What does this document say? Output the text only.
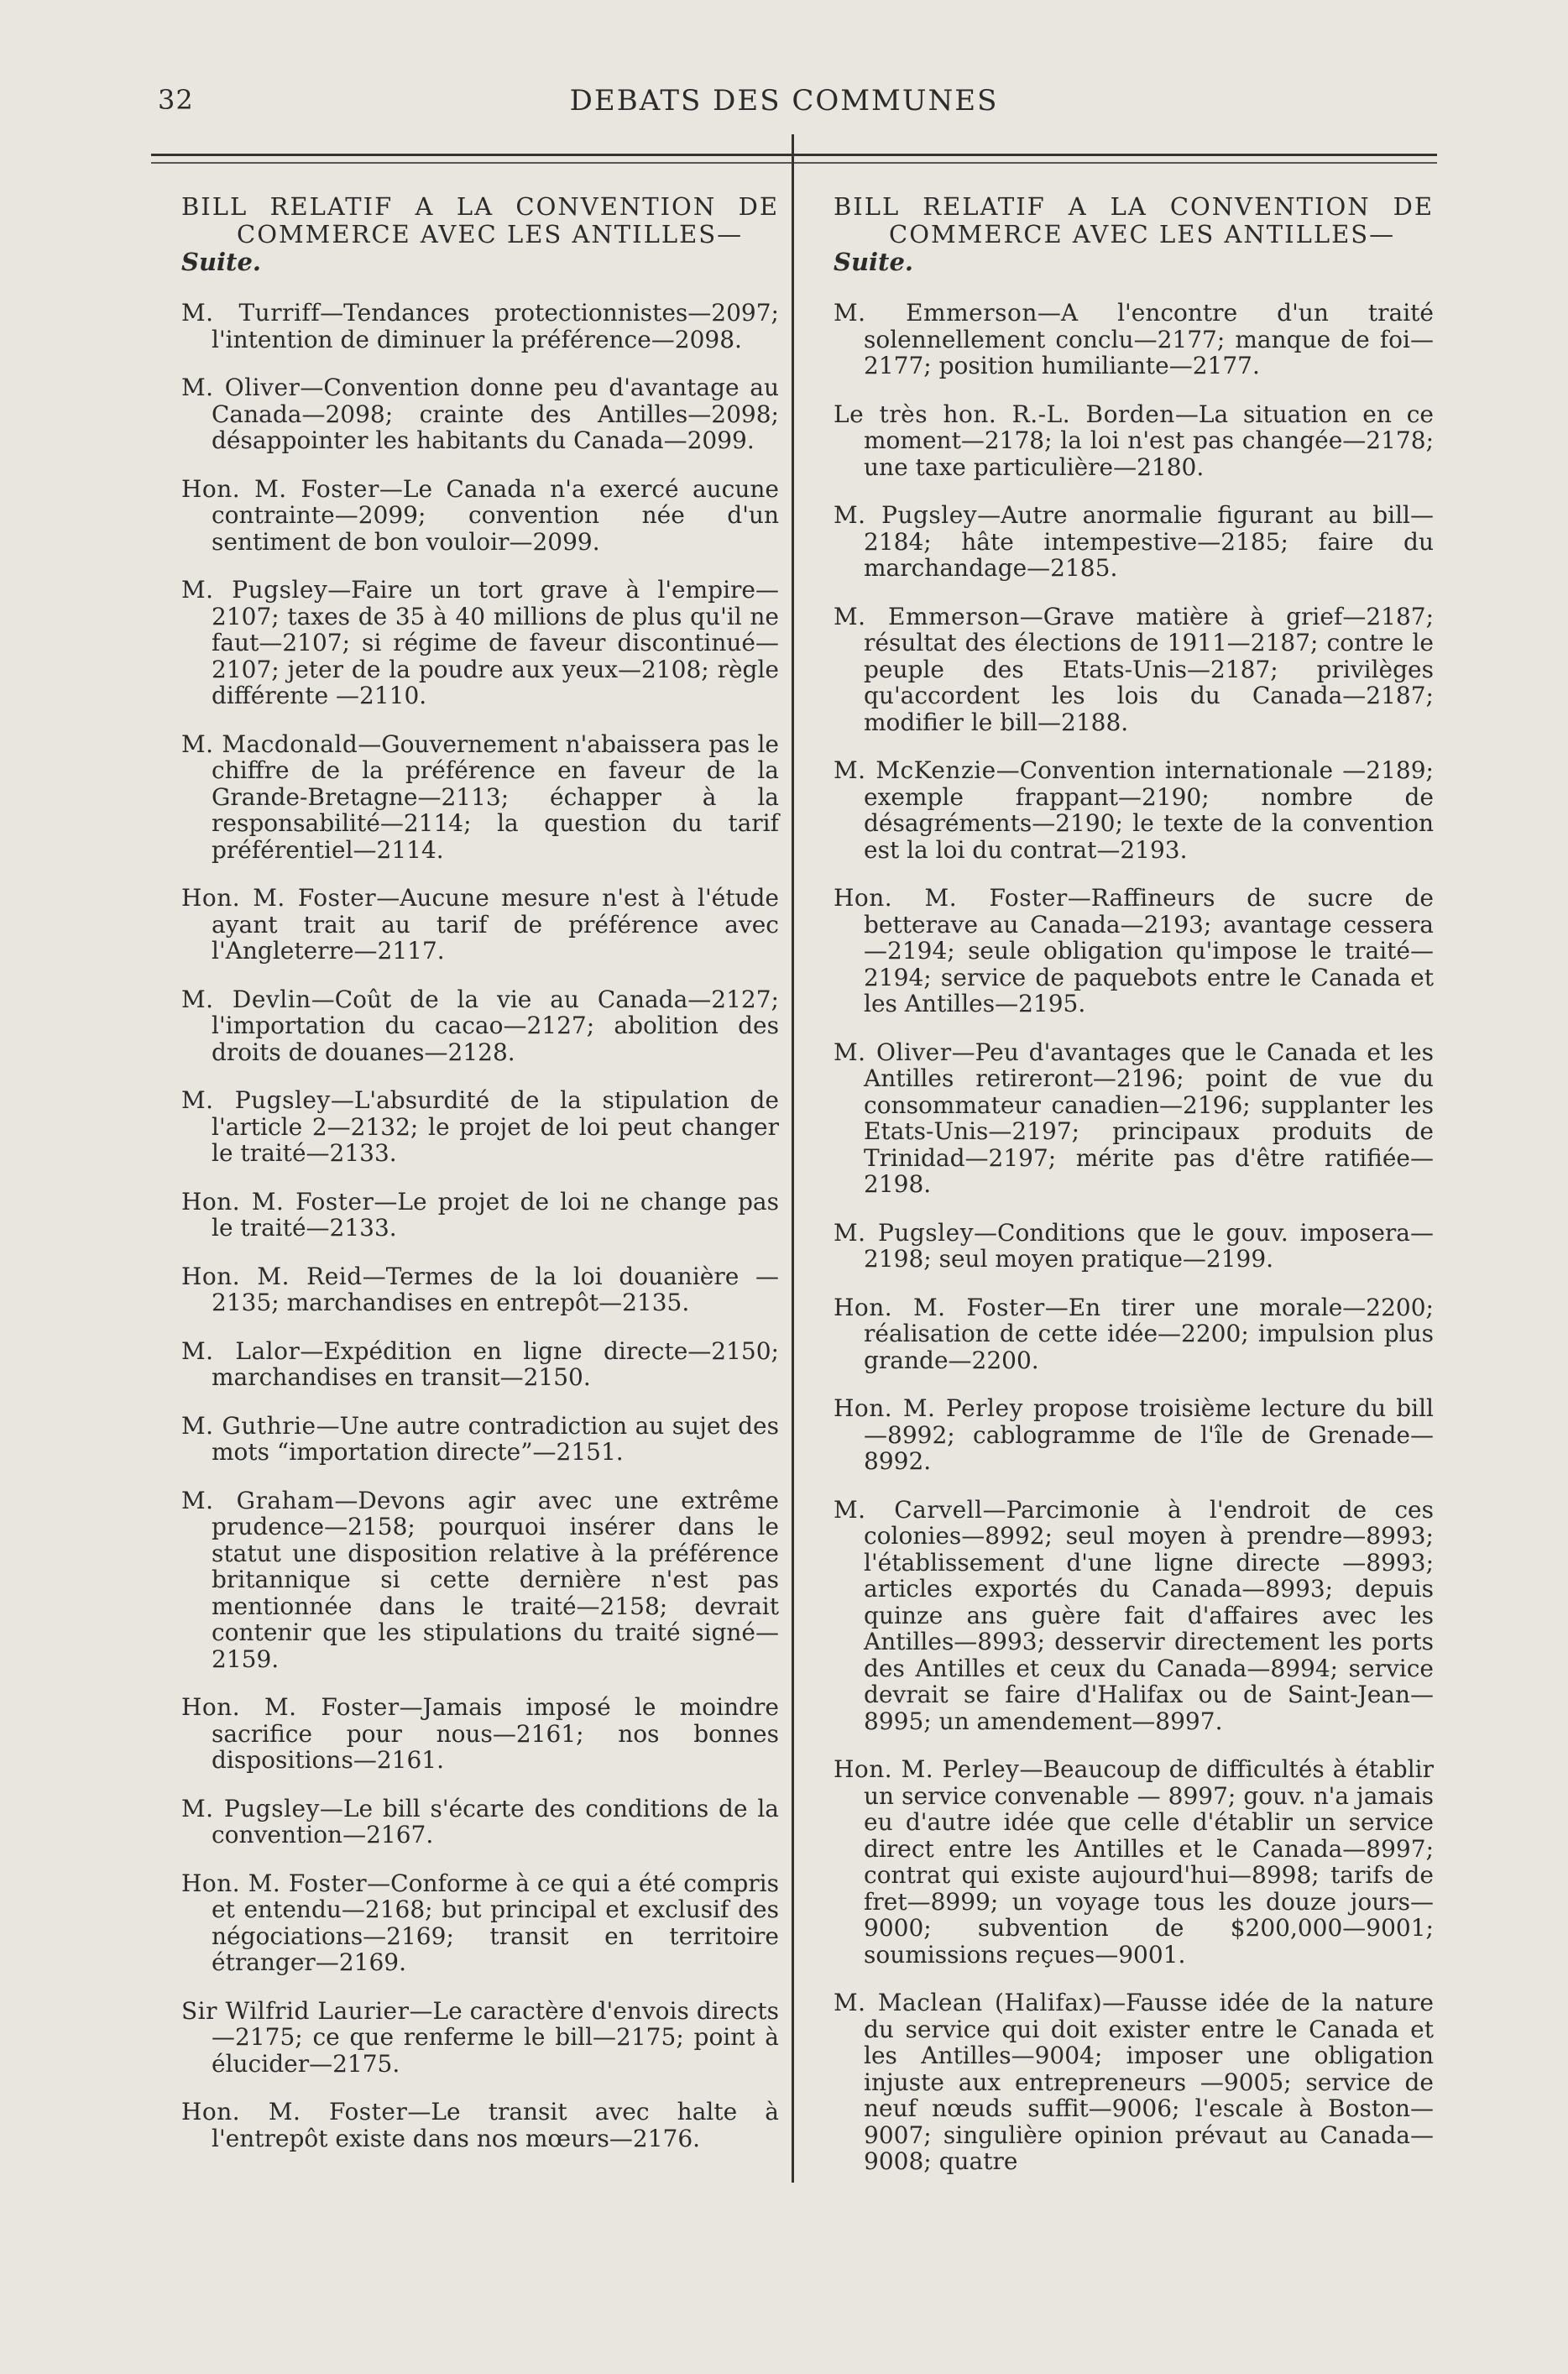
32	DEBATS DES COMMUNES
BILL RELATIF A LA CONVENTION DE COMMERCE AVEC LES ANTILLES—
Suite.

M. Turriff—Tendances protectionnistes—2097; l'intention de diminuer la préférence—2098.

M. Oliver—Convention donne peu d'avantage au Canada—2098; crainte des Antilles—2098; désappointer les habitants du Canada—2099.

Hon. M. Foster—Le Canada n'a exercé aucune contrainte—2099; convention née d'un sentiment de bon vouloir—2099.

M. Pugsley—Faire un tort grave à l'empire—2107; taxes de 35 à 40 millions de plus qu'il ne faut—2107; si régime de faveur discontinué—2107; jeter de la poudre aux yeux—2108; règle différente —2110.

M. Macdonald—Gouvernement n'abaissera pas le chiffre de la préférence en faveur de la Grande-Bretagne—2113; échapper à la responsabilité—2114; la question du tarif préférentiel—2114.

Hon. M. Foster—Aucune mesure n'est à l'étude ayant trait au tarif de préférence avec l'Angleterre—2117.

M. Devlin—Coût de la vie au Canada—2127; l'importation du cacao—2127; abolition des droits de douanes—2128.

M. Pugsley—L'absurdité de la stipulation de l'article 2—2132; le projet de loi peut changer le traité—2133.

Hon. M. Foster—Le projet de loi ne change pas le traité—2133.

Hon. M. Reid—Termes de la loi douanière —2135; marchandises en entrepôt—2135.

M. Lalor—Expédition en ligne directe—2150; marchandises en transit—2150.

M. Guthrie—Une autre contradiction au sujet des mots “importation directe”—2151.

M. Graham—Devons agir avec une extrême prudence—2158; pourquoi insérer dans le statut une disposition relative à la préférence britannique si cette dernière n'est pas mentionnée dans le traité—2158; devrait contenir que les stipulations du traité signé—2159.

Hon. M. Foster—Jamais imposé le moindre sacrifice pour nous—2161; nos bonnes dispositions—2161.

M. Pugsley—Le bill s'écarte des conditions de la convention—2167.

Hon. M. Foster—Conforme à ce qui a été compris et entendu—2168; but principal et exclusif des négociations—2169; transit en territoire étranger—2169.

Sir Wilfrid Laurier—Le caractère d'envois directs—2175; ce que renferme le bill—2175; point à élucider—2175.

Hon. M. Foster—Le transit avec halte à l'entrepôt existe dans nos mœurs—2176.

BILL RELATIF A LA CONVENTION DE COMMERCE AVEC LES ANTILLES—
Suite.

M. Emmerson—A l'encontre d'un traité solennellement conclu—2177; manque de foi—2177; position humiliante—2177.

Le très hon. R.-L. Borden—La situation en ce moment—2178; la loi n'est pas changée—2178; une taxe particulière—2180.

M. Pugsley—Autre anormalie figurant au bill—2184; hâte intempestive—2185; faire du marchandage—2185.

M. Emmerson—Grave matière à grief—2187; résultat des élections de 1911—2187; contre le peuple des Etats-Unis—2187; privilèges qu'accordent les lois du Canada—2187; modifier le bill—2188.

M. McKenzie—Convention internationale —2189; exemple frappant—2190; nombre de désagréments—2190; le texte de la convention est la loi du contrat—2193.

Hon. M. Foster—Raffineurs de sucre de betterave au Canada—2193; avantage cessera—2194; seule obligation qu'impose le traité—2194; service de paquebots entre le Canada et les Antilles—2195.

M. Oliver—Peu d'avantages que le Canada et les Antilles retireront—2196; point de vue du consommateur canadien—2196; supplanter les Etats-Unis—2197; principaux produits de Trinidad—2197; mérite pas d'être ratifiée—2198.

M. Pugsley—Conditions que le gouv. imposera—2198; seul moyen pratique—2199.

Hon. M. Foster—En tirer une morale—2200; réalisation de cette idée—2200; impulsion plus grande—2200.

Hon. M. Perley propose troisième lecture du bill—8992; cablogramme de l'île de Grenade—8992.

M. Carvell—Parcimonie à l'endroit de ces colonies—8992; seul moyen à prendre—8993; l'établissement d'une ligne directe —8993; articles exportés du Canada—8993; depuis quinze ans guère fait d'affaires avec les Antilles—8993; desservir directement les ports des Antilles et ceux du Canada—8994; service devrait se faire d'Halifax ou de Saint-Jean—8995; un amendement—8997.

Hon. M. Perley—Beaucoup de difficultés à établir un service convenable — 8997; gouv. n'a jamais eu d'autre idée que celle d'établir un service direct entre les Antilles et le Canada—8997; contrat qui existe aujourd'hui—8998; tarifs de fret—8999; un voyage tous les douze jours—9000; subvention de $200,000—9001; soumissions reçues—9001.

M. Maclean (Halifax)—Fausse idée de la nature du service qui doit exister entre le Canada et les Antilles—9004; imposer une obligation injuste aux entrepreneurs —9005; service de neuf nœuds suffit—9006; l'escale à Boston—9007; singulière opinion prévaut au Canada—9008; quatre
